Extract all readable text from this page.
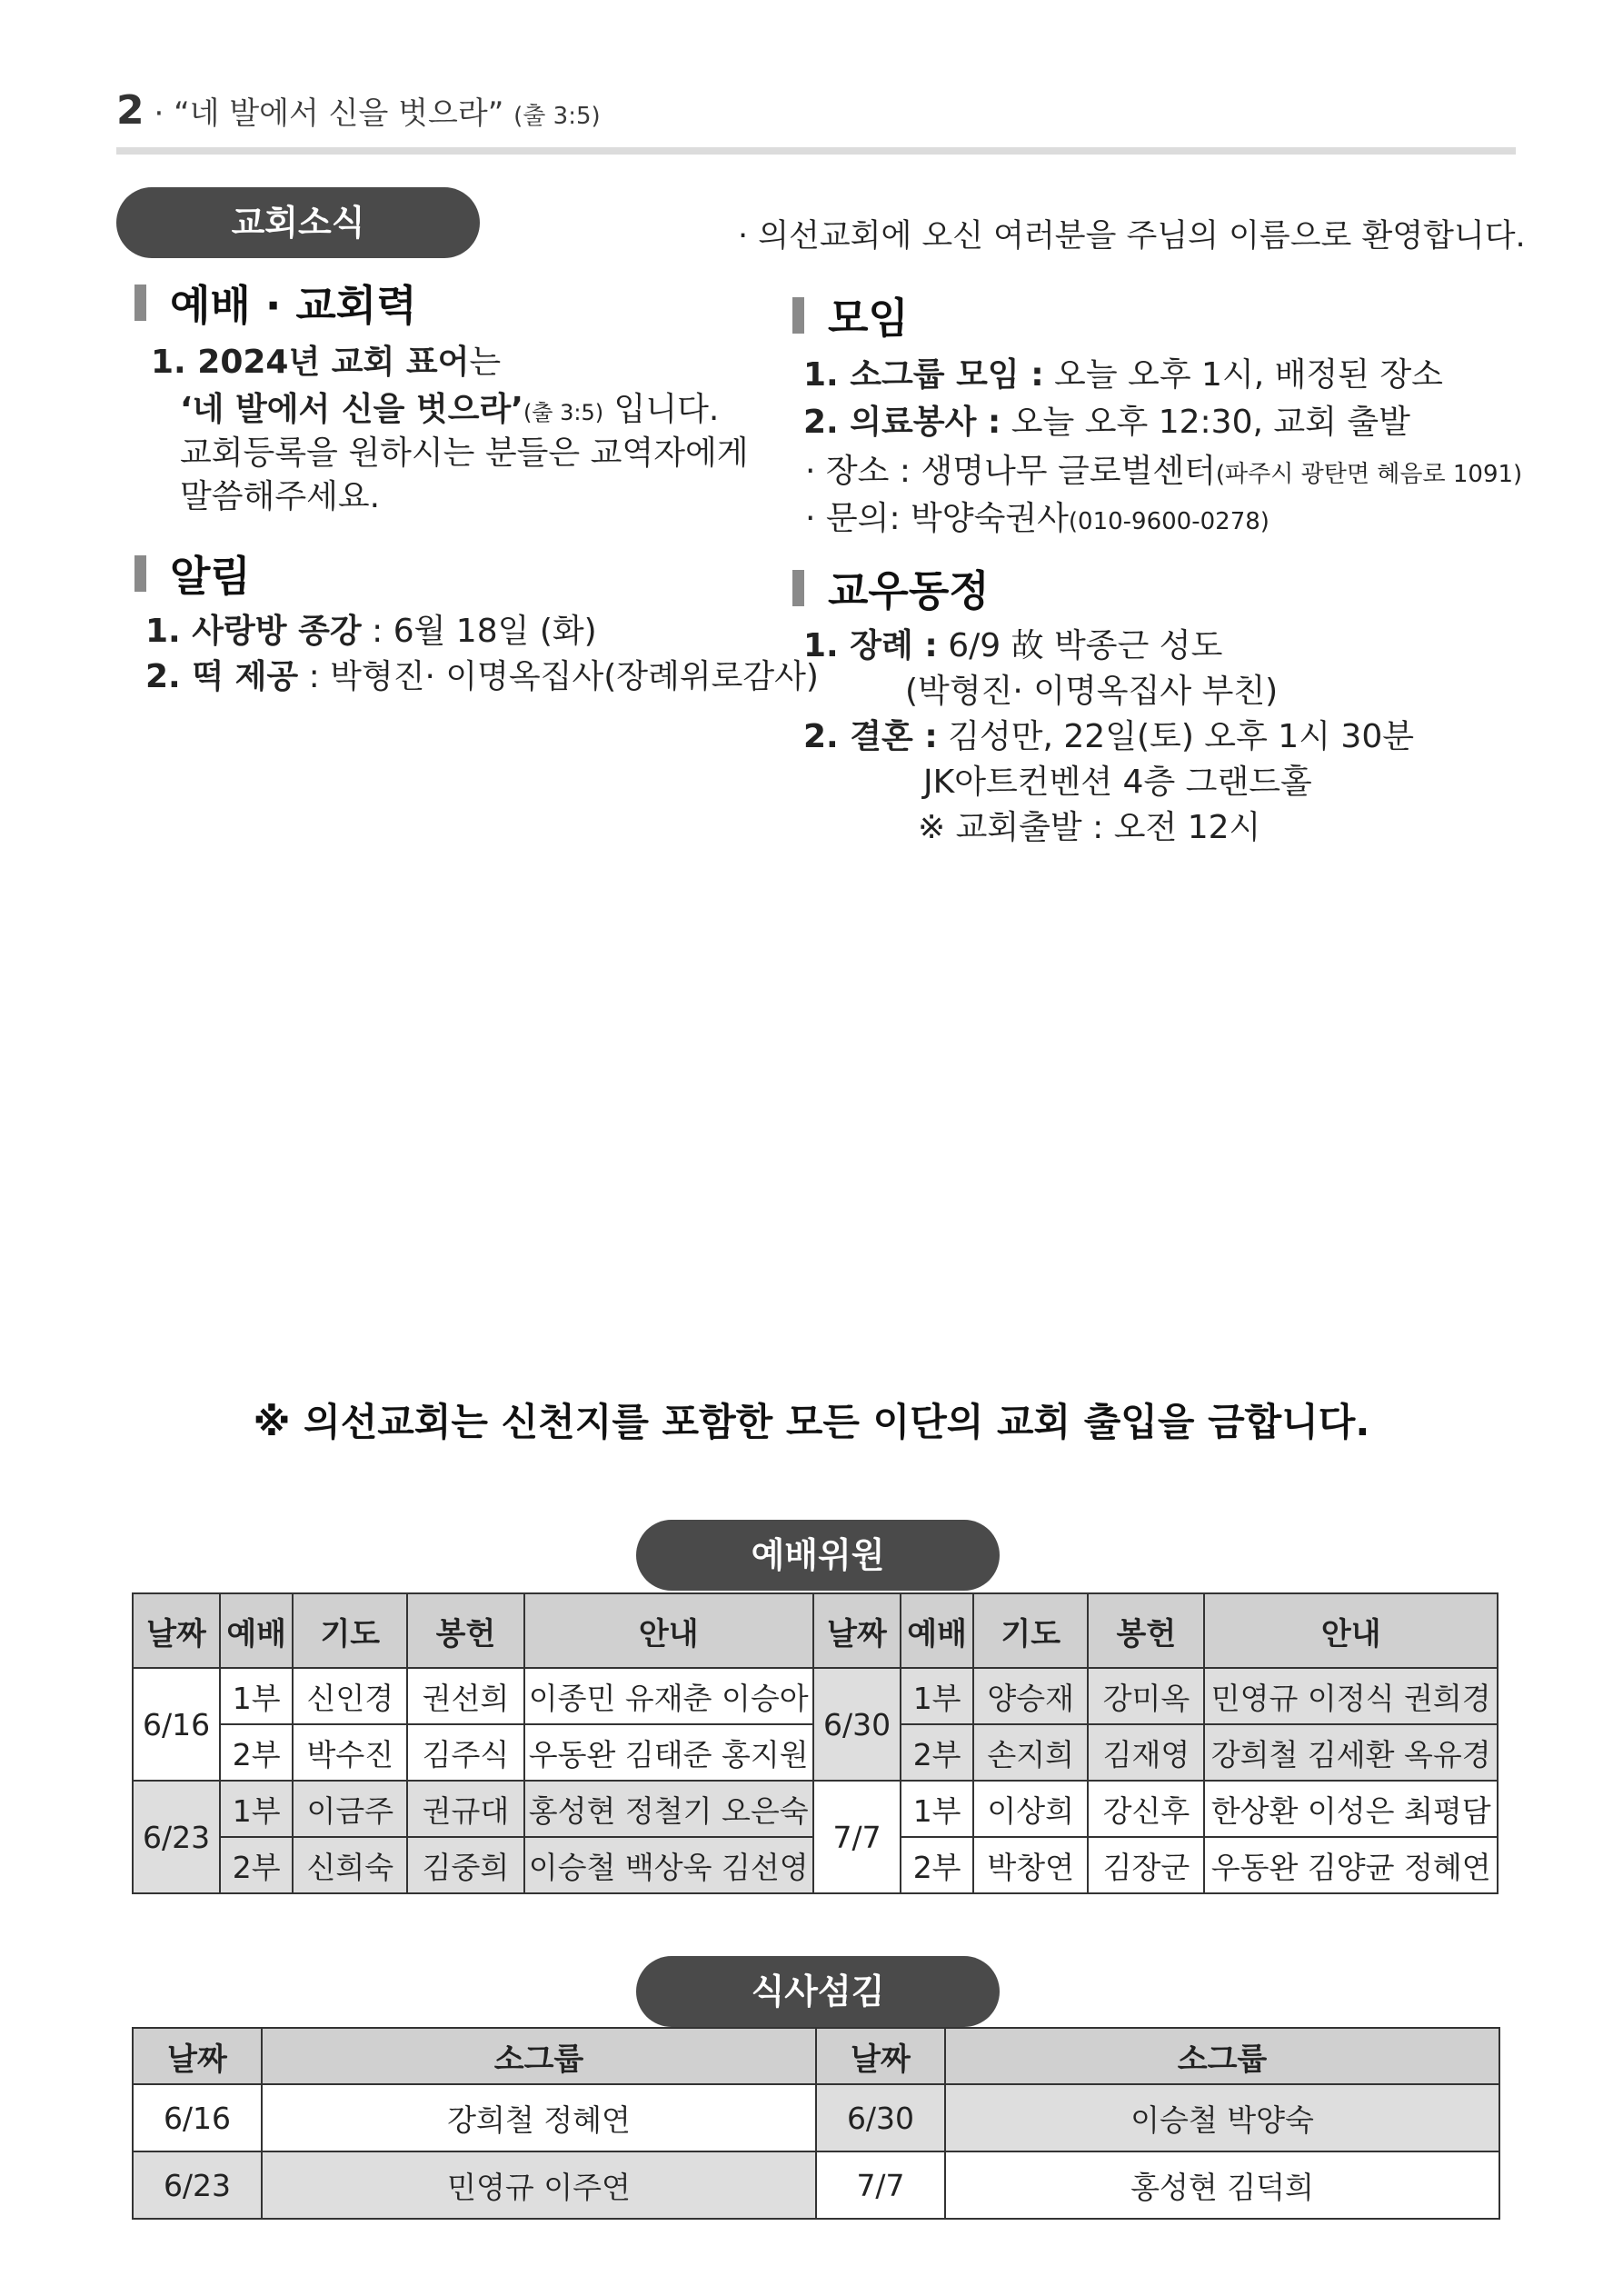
2 · “네 발에서 신을 벗으라” (출 3:5)
교회소식	· 의선교회에 오신 여러분을 주님의 이름으로 환영합니다.
예배 · 교회력
1. 2024년 교회 표어는
‘네 발에서 신을 벗으라’(출 3:5) 입니다.
교회등록을 원하시는 분들은 교역자에게
말씀해주세요.
알림
1. 사랑방 종강 : 6월 18일 (화)
2. 떡 제공 : 박형진· 이명옥집사(장례위로감사)
모임
1. 소그룹 모임 : 오늘 오후 1시, 배정된 장소
2. 의료봉사 : 오늘 오후 12:30, 교회 출발
· 장소 : 생명나무 글로벌센터(파주시 광탄면 혜음로 1091)
· 문의: 박양숙권사(010-9600-0278)
교우동정
1. 장례 : 6/9 故 박종근 성도
(박형진· 이명옥집사 부친)
2. 결혼 : 김성만, 22일(토) 오후 1시 30분
JK아트컨벤션 4층 그랜드홀
※ 교회출발 : 오전 12시
※ 의선교회는 신천지를 포함한 모든 이단의 교회 출입을 금합니다.
예배위원
날짜	예배	기도	봉헌	안내	날짜	예배	기도	봉헌	안내
6/16	1부	신인경	권선희	이종민 유재춘 이승아	6/30	1부	양승재	강미옥	민영규 이정식 권희경
	2부	박수진	김주식	우동완 김태준 홍지원		2부	손지희	김재영	강희철 김세환 옥유경
6/23	1부	이금주	권규대	홍성현 정철기 오은숙	7/7	1부	이상희	강신후	한상환 이성은 최평담
	2부	신희숙	김중희	이승철 백상욱 김선영		2부	박창연	김장군	우동완 김양균 정혜연
식사섬김
날짜	소그룹	날짜	소그룹
6/16	강희철 정혜연	6/30	이승철 박양숙
6/23	민영규 이주연	7/7	홍성현 김덕희
